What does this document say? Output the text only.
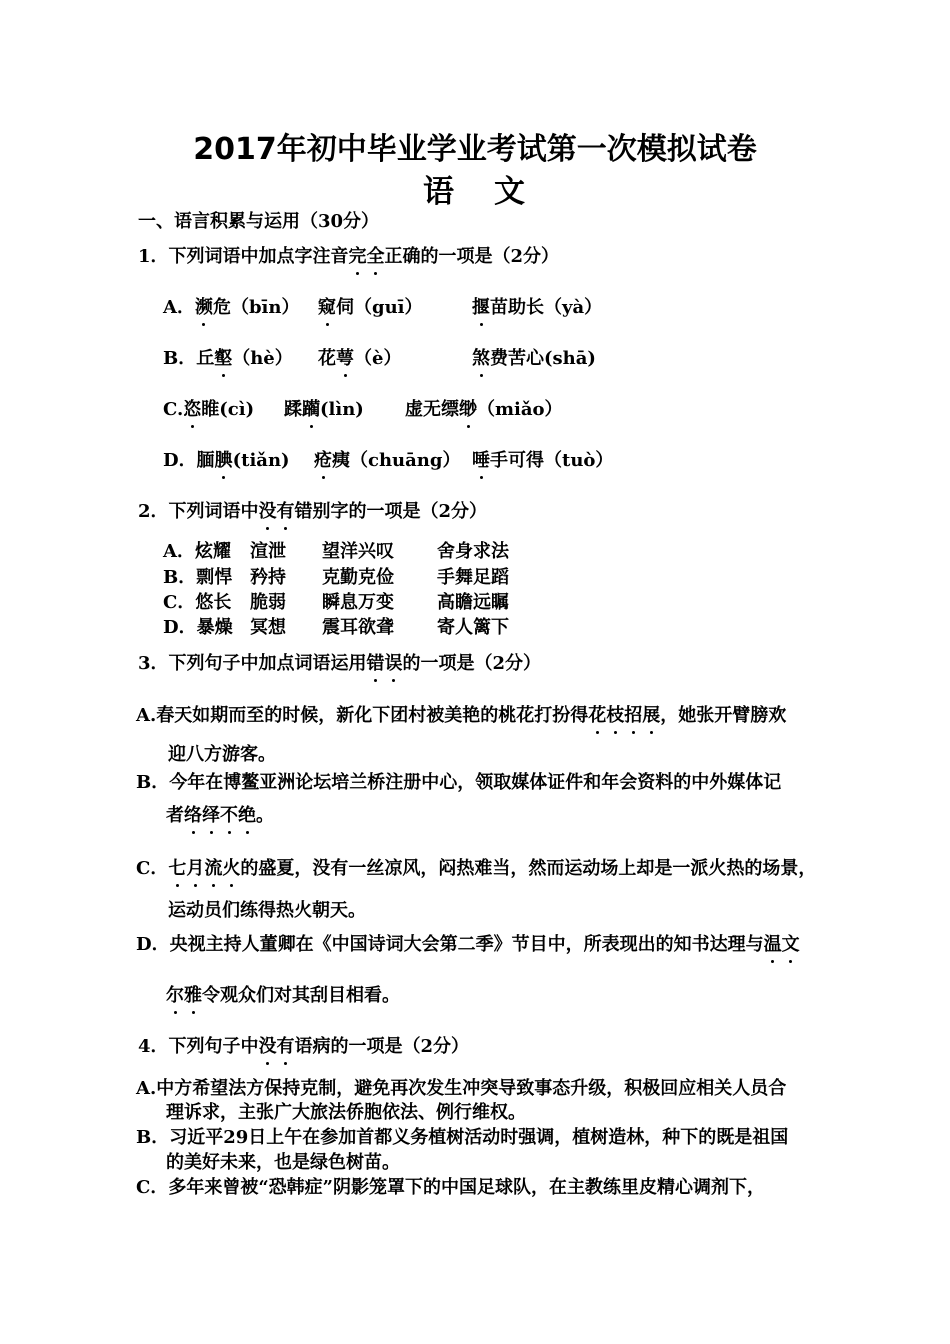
2017年初中毕业学业考试第一次模拟试卷
语 文
一、语言积累与运用（30分）
1．下列词语中加点字注音完全正确的一项是（2分）
A．濒危（bīn） 窥伺（guī）	揠苗助长（yà）
B．丘壑（hè） 花萼（è）	煞费苦心(shā)
C.恣睢(cì) 蹂躏(lìn) 虚无缥缈（miǎo）
D．腼腆(tiǎn) 疮痍（chuāng） 唾手可得（tuò）
2．下列词语中没有错别字的一项是（2分）
A．炫耀 渲泄 望洋兴叹 舍身求法
B．剽悍 矜持 克勤克俭 手舞足蹈
C．悠长 脆弱 瞬息万变 高瞻远瞩
D．暴燥 冥想 震耳欲聋 寄人篱下
3．下列句子中加点词语运用错误的一项是（2分）
A.春天如期而至的时候，新化下团村被美艳的桃花打扮得花枝招展，她张开臂膀欢
迎八方游客。
B．今年在博鳌亚洲论坛培兰桥注册中心，领取媒体证件和年会资料的中外媒体记
者络绎不绝。
C．七月流火的盛夏，没有一丝凉风，闷热难当，然而运动场上却是一派火热的场景，
运动员们练得热火朝天。
D．央视主持人董卿在《中国诗词大会第二季》节目中，所表现出的知书达理与温文
尔雅令观众们对其刮目相看。
4．下列句子中没有语病的一项是（2分）
A.中方希望法方保持克制，避免再次发生冲突导致事态升级，积极回应相关人员合
理诉求，主张广大旅法侨胞依法、例行维权。
B．习近平29日上午在参加首都义务植树活动时强调，植树造林，种下的既是祖国
的美好未来，也是绿色树苗。
C．多年来曾被“恐韩症”阴影笼罩下的中国足球队，在主教练里皮精心调剂下，
